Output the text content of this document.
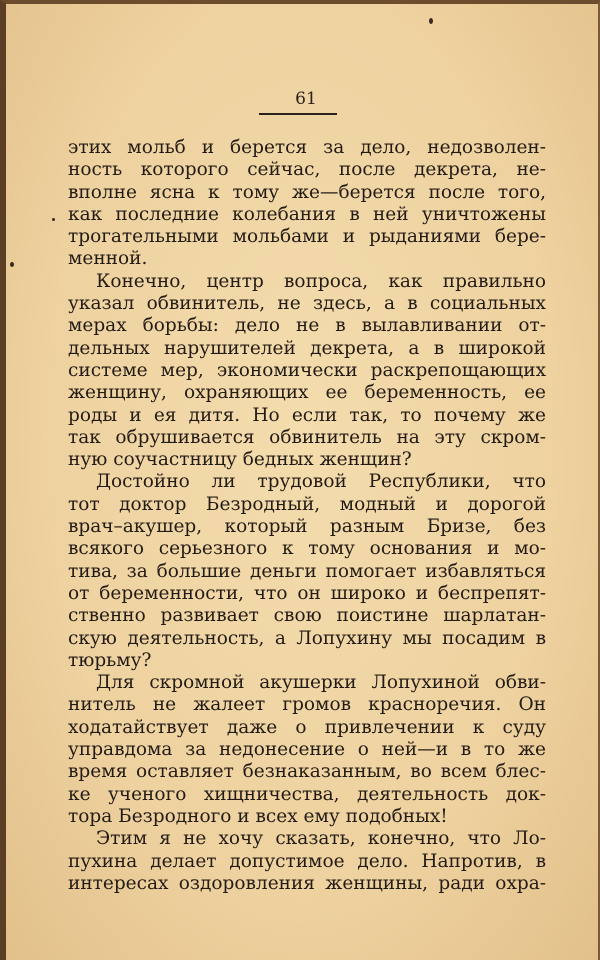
61
этих мольб и берется за дело, недозволен-
ность которого сейчас, после декрета, не-
вполне ясна к тому же—берется после того,
как последние колебания в ней уничтожены
трогательными мольбами и рыданиями бере-
менной.
Конечно, центр вопроса, как правильно
указал обвинитель, не здесь, а в социальных
мерах борьбы: дело не в вылавливании от-
дельных нарушителей декрета, а в широкой
системе мер, экономически раскрепощающих
женщину, охраняющих ее беременность, ее
роды и ея дитя. Но если так, то почему же
так обрушивается обвинитель на эту скром-
ную соучастницу бедных женщин?
Достойно ли трудовой Республики, что
тот доктор Безродный, модный и дорогой
врач–акушер, который разным Бризе, без
всякого серьезного к тому основания и мо-
тива, за большие деньги помогает избавляться
от беременности, что он широко и беспрепят-
ственно развивает свою поистине шарлатан-
скую деятельность, а Лопухину мы посадим в
тюрьму?
Для скромной акушерки Лопухиной обви-
нитель не жалеет громов красноречия. Он
ходатайствует даже о привлечении к суду
управдома за недонесение о ней—и в то же
время оставляет безнаказанным, во всем блес-
ке ученого хищничества, деятельность док-
тора Безродного и всех ему подобных!
Этим я не хочу сказать, конечно, что Ло-
пухина делает допустимое дело. Напротив, в
интересах оздоровления женщины, ради охра-
